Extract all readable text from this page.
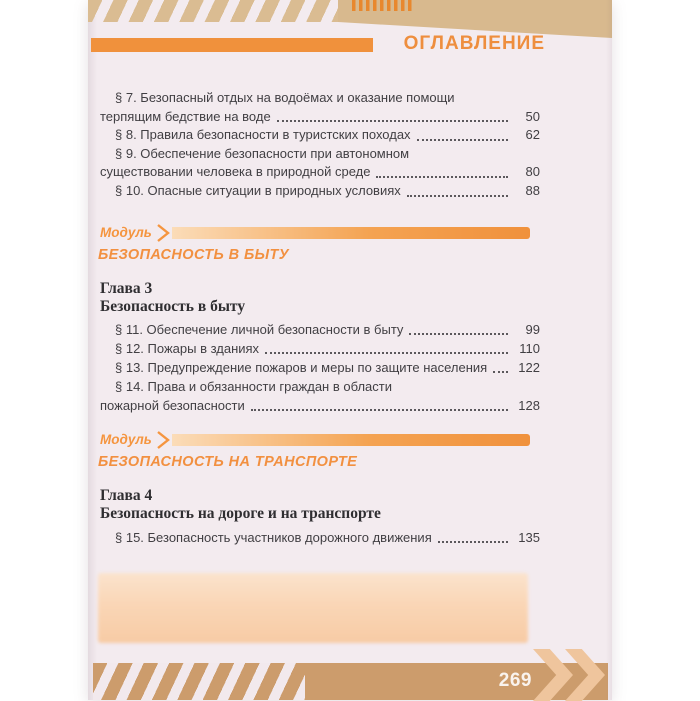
ОГЛАВЛЕНИЕ
§ 7. Безопасный отдых на водоёмах и оказание помощи
терпящим бедствие на воде	50
§ 8. Правила безопасности в туристских походах	62
§ 9. Обеспечение безопасности при автономном
существовании человека в природной среде	80
§ 10. Опасные ситуации в природных условиях	88
Модуль
БЕЗОПАСНОСТЬ В БЫТУ
Глава 3
Безопасность в быту
§ 11. Обеспечение личной безопасности в быту	99
§ 12. Пожары в зданиях	110
§ 13. Предупреждение пожаров и меры по защите населения	122
§ 14. Права и обязанности граждан в области
пожарной безопасности	128
Модуль
БЕЗОПАСНОСТЬ НА ТРАНСПОРТЕ
Глава 4
Безопасность на дороге и на транспорте
§ 15. Безопасность участников дорожного движения	135
269
